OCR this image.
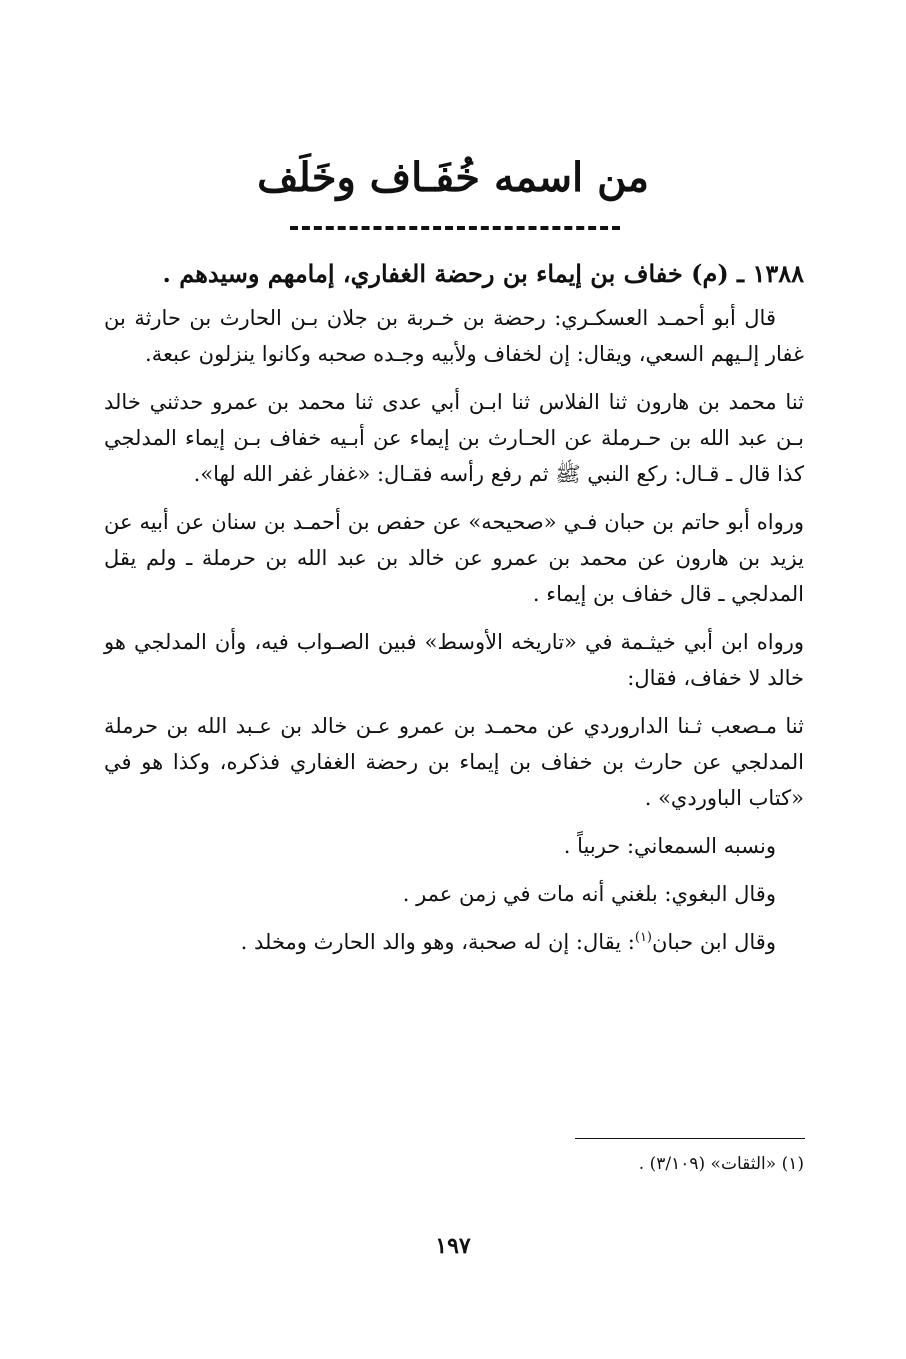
من اسمه خُفَـاف وخَلَف

١٣٨٨ ـ (م) خفاف بن إيماء بن رحضة الغفاري، إمامهم وسيدهم .

قال أبو أحمـد العسكـري: رحضة بن خـربة بن جلان بـن الحارث بن حارثة بن غفار إلـيهم السعي، ويقال: إن لخفاف ولأبيه وجـده صحبه وكانوا ينزلون عبعة.

ثنا محمد بن هارون ثنا الفلاس ثنا ابـن أبي عدى ثنا محمد بن عمرو حدثني خالد بـن عبد الله بن حـرملة عن الحـارث بن إيماء عن أبـيه خفاف بـن إيماء المدلجي كذا قال ـ قـال: ركع النبي ﷺ ثم رفع رأسه فقـال: «غفار غفر الله لها».

ورواه أبو حاتم بن حبان فـي «صحيحه» عن حفص بن أحمـد بن سنان عن أبيه عن يزيد بن هارون عن محمد بن عمرو عن خالد بن عبد الله بن حرملة ـ ولم يقل المدلجي ـ قال خفاف بن إيماء .

ورواه ابن أبي خيثـمة في «تاريخه الأوسط» فبين الصـواب فيه، وأن المدلجي هو خالد لا خفاف، فقال:

ثنا مـصعب ثـنا الداروردي عن محمـد بن عمرو عـن خالد بن عـبد الله بن حرملة المدلجي عن حارث بن خفاف بن إيماء بن رحضة الغفاري فذكره، وكذا هو في «كتاب الباوردي» .

ونسبه السمعاني: حربياً .

وقال البغوي: بلغني أنه مات في زمن عمر .

وقال ابن حبان$^{(١)}$: يقال: إن له صحبة، وهو والد الحارث ومخلد .

(١) «الثقات» (٣/١٠٩) .
١٩٧
